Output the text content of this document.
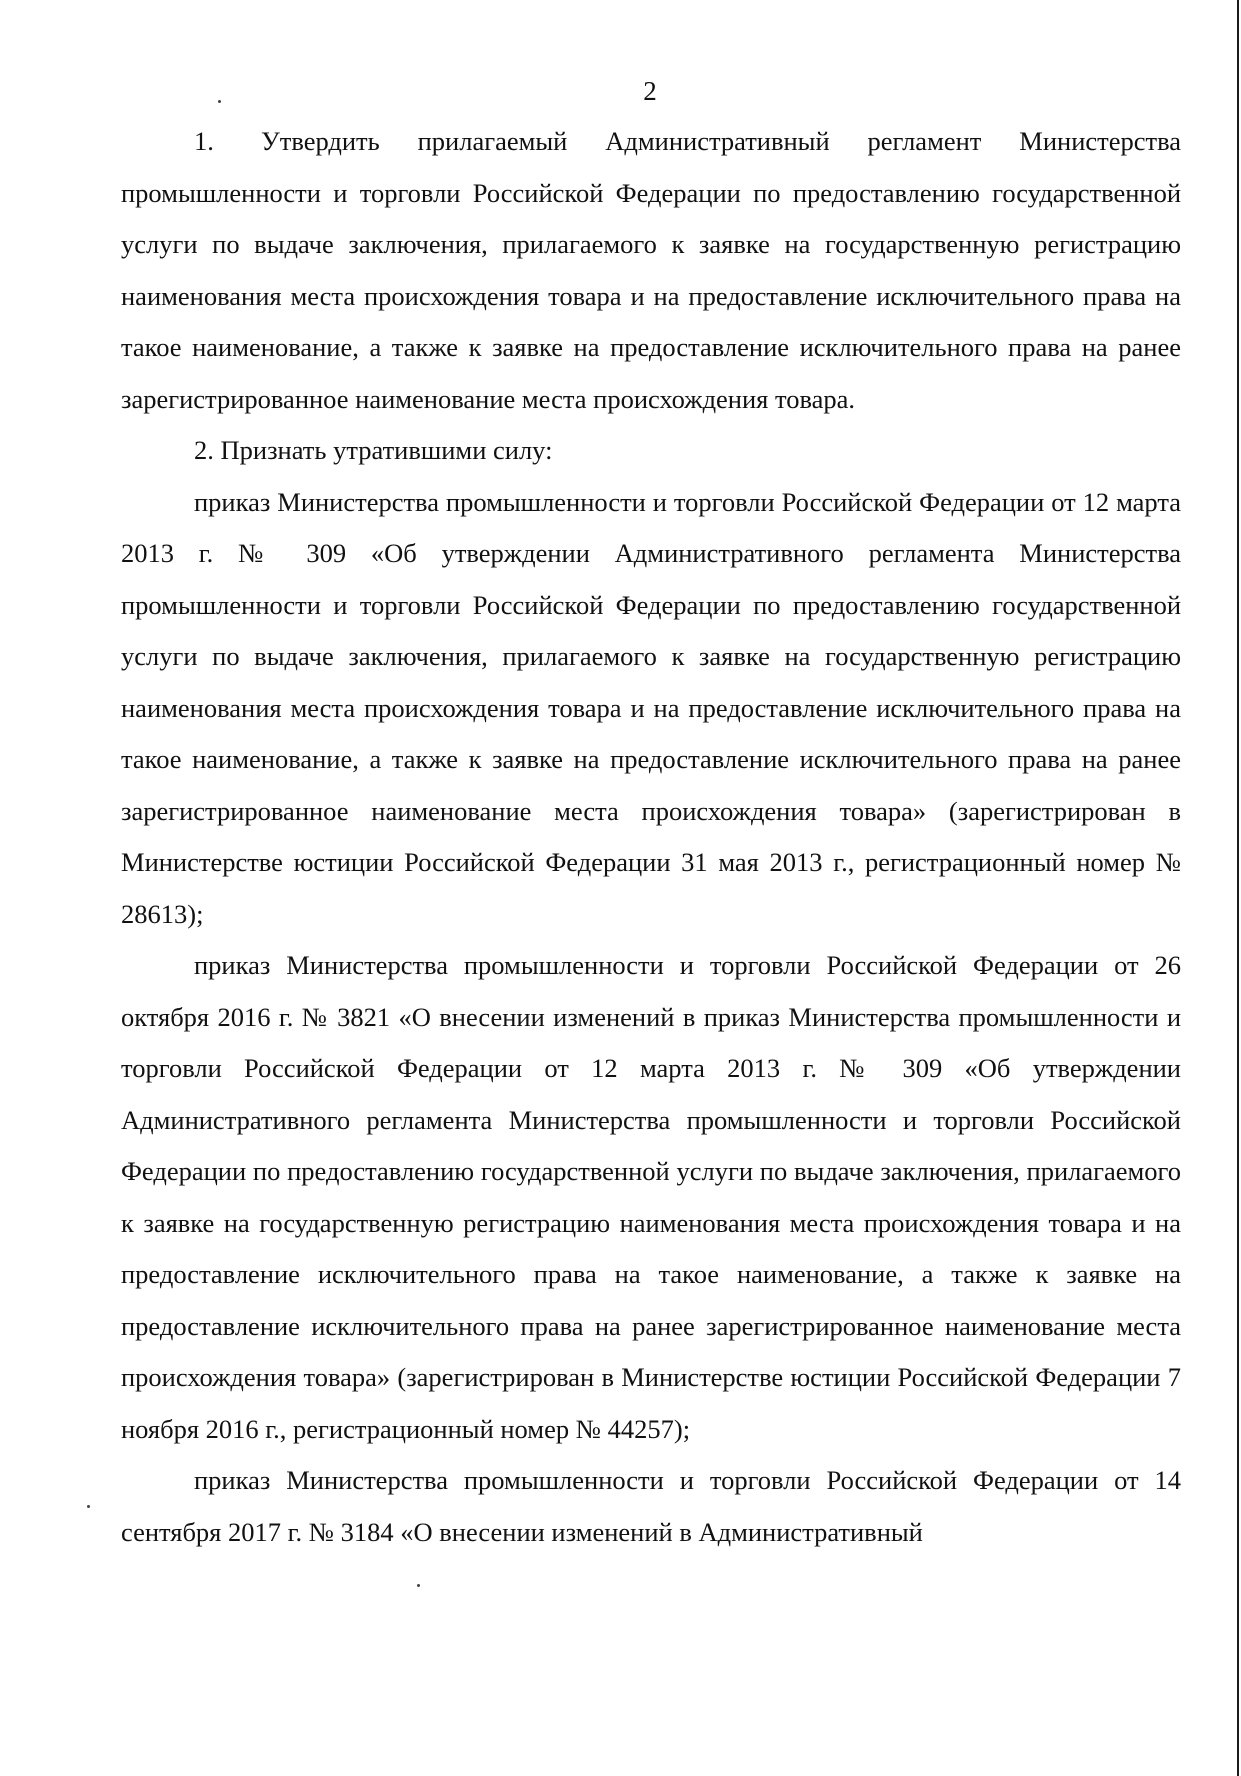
2

1. Утвердить прилагаемый Административный регламент Министерства промышленности и торговли Российской Федерации по предоставлению государственной услуги по выдаче заключения, прилагаемого к заявке на государственную регистрацию наименования места происхождения товара и на предоставление исключительного права на такое наименование, а также к заявке на предоставление исключительного права на ранее зарегистрированное наименование места происхождения товара.

2. Признать утратившими силу:

приказ Министерства промышленности и торговли Российской Федерации от 12 марта 2013 г. № 309 «Об утверждении Административного регламента Министерства промышленности и торговли Российской Федерации по предоставлению государственной услуги по выдаче заключения, прилагаемого к заявке на государственную регистрацию наименования места происхождения товара и на предоставление исключительного права на такое наименование, а также к заявке на предоставление исключительного права на ранее зарегистрированное наименование места происхождения товара» (зарегистрирован в Министерстве юстиции Российской Федерации 31 мая 2013 г., регистрационный номер № 28613);

приказ Министерства промышленности и торговли Российской Федерации от 26 октября 2016 г. № 3821 «О внесении изменений в приказ Министерства промышленности и торговли Российской Федерации от 12 марта 2013 г. № 309 «Об утверждении Административного регламента Министерства промышленности и торговли Российской Федерации по предоставлению государственной услуги по выдаче заключения, прилагаемого к заявке на государственную регистрацию наименования места происхождения товара и на предоставление исключительного права на такое наименование, а также к заявке на предоставление исключительного права на ранее зарегистрированное наименование места происхождения товара» (зарегистрирован в Министерстве юстиции Российской Федерации 7 ноября 2016 г., регистрационный номер № 44257);

приказ Министерства промышленности и торговли Российской Федерации от 14 сентября 2017 г. № 3184 «О внесении изменений в Административный
